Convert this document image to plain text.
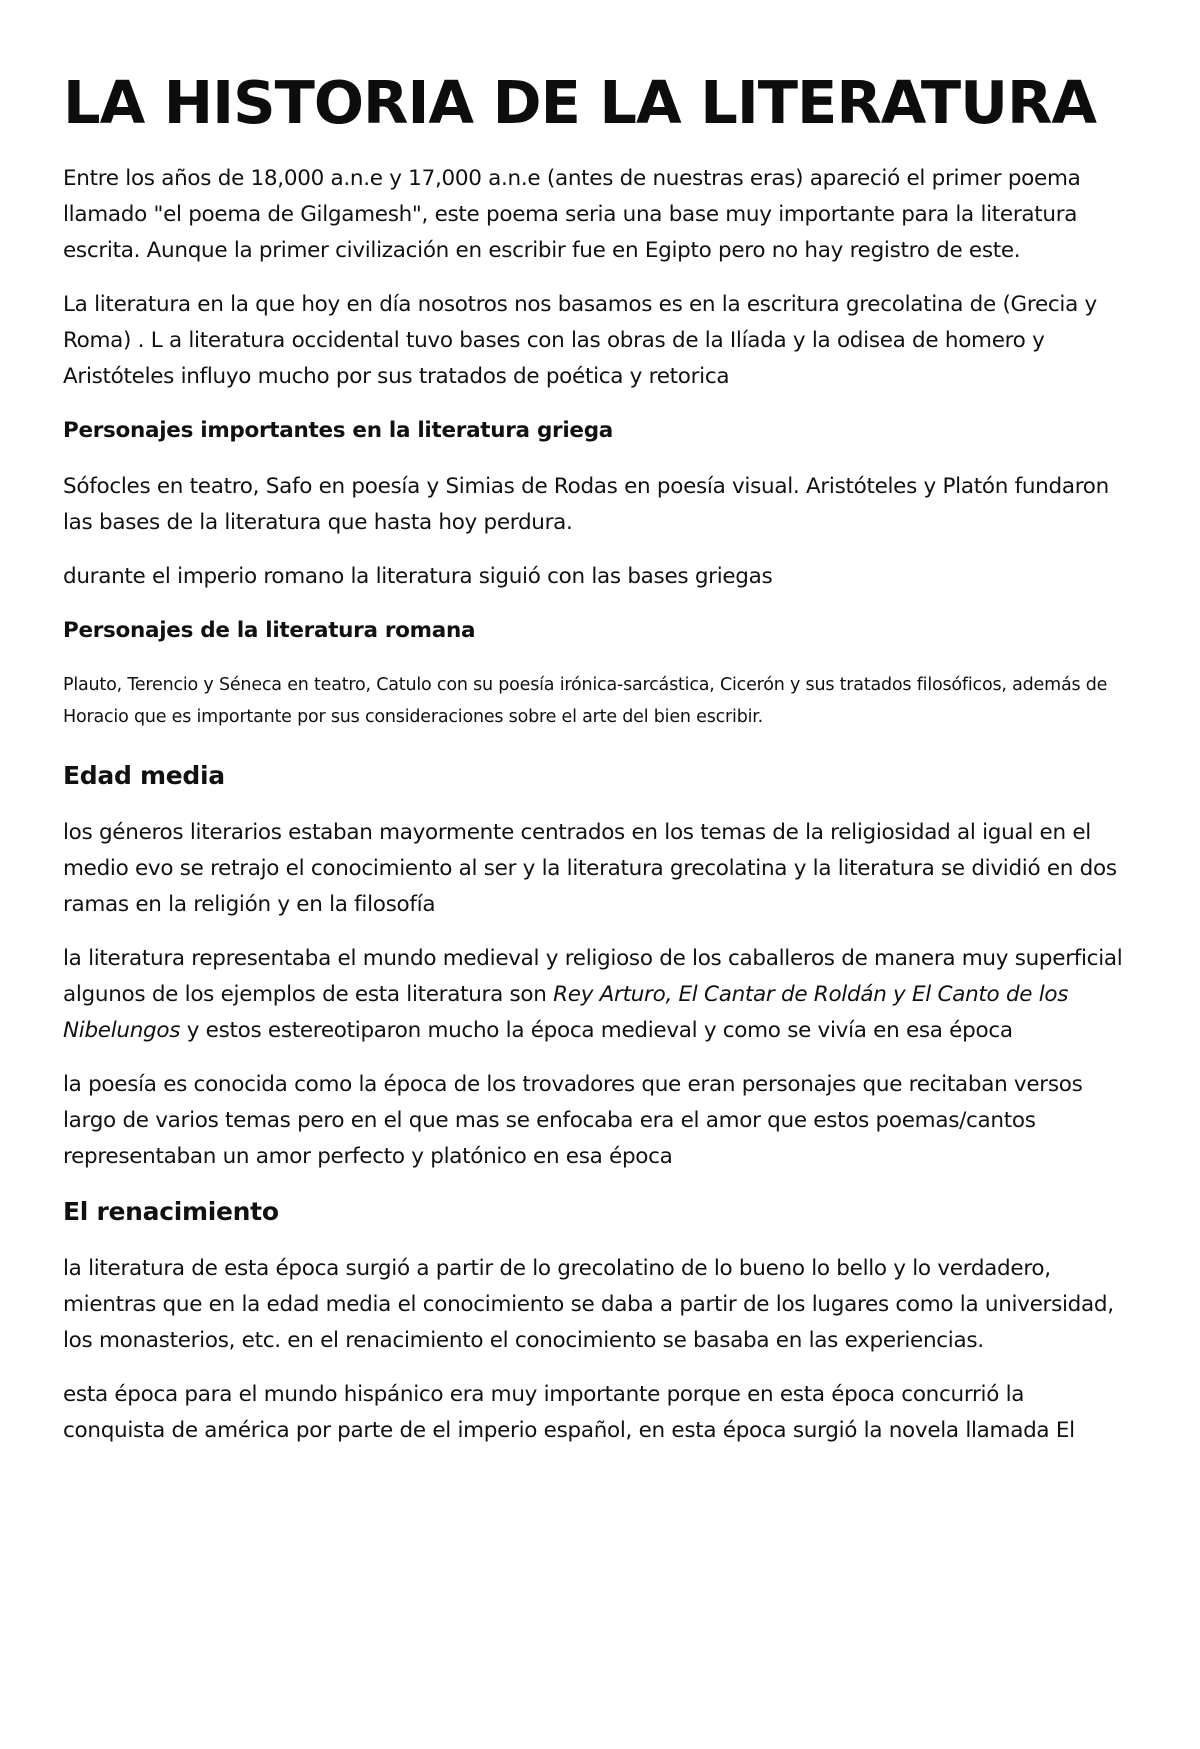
LA HISTORIA DE LA LITERATURA

Entre los años de 18,000 a.n.e y 17,000 a.n.e (antes de nuestras eras) apareció el primer poema llamado "el poema de Gilgamesh", este poema seria una base muy importante para la literatura escrita. Aunque la primer civilización en escribir fue en Egipto pero no hay registro de este.

La literatura en la que hoy en día nosotros nos basamos es en la escritura grecolatina de (Grecia y Roma) . L a literatura occidental tuvo bases con las obras de la Ilíada y la odisea de homero y Aristóteles influyo mucho por sus tratados de poética y retorica

Personajes importantes en la literatura griega

Sófocles en teatro, Safo en poesía y Simias de Rodas en poesía visual. Aristóteles y Platón fundaron las bases de la literatura que hasta hoy perdura.

durante el imperio romano la literatura siguió con las bases griegas

Personajes de la literatura romana

Plauto, Terencio y Séneca en teatro, Catulo con su poesía irónica-sarcástica, Cicerón y sus tratados filosóficos, además de Horacio que es importante por sus consideraciones sobre el arte del bien escribir.

Edad media

los géneros literarios estaban mayormente centrados en los temas de la religiosidad al igual en el medio evo se retrajo el conocimiento al ser y la literatura grecolatina y la literatura se dividió en dos ramas en la religión y en la filosofía

la literatura representaba el mundo medieval y religioso de los caballeros de manera muy superficial algunos de los ejemplos de esta literatura son Rey Arturo, El Cantar de Roldán y El Canto de los Nibelungos y estos estereotiparon mucho la época medieval y como se vivía en esa época

la poesía es conocida como la época de los trovadores que eran personajes que recitaban versos largo de varios temas pero en el que mas se enfocaba era el amor que estos poemas/cantos representaban un amor perfecto y platónico en esa época

El renacimiento

la literatura de esta época surgió a partir de lo grecolatino de lo bueno lo bello y lo verdadero, mientras que en la edad media el conocimiento se daba a partir de los lugares como la universidad, los monasterios, etc. en el renacimiento el conocimiento se basaba en las experiencias.

esta época para el mundo hispánico era muy importante porque en esta época concurrió la conquista de américa por parte de el imperio español, en esta época surgió la novela llamada El
